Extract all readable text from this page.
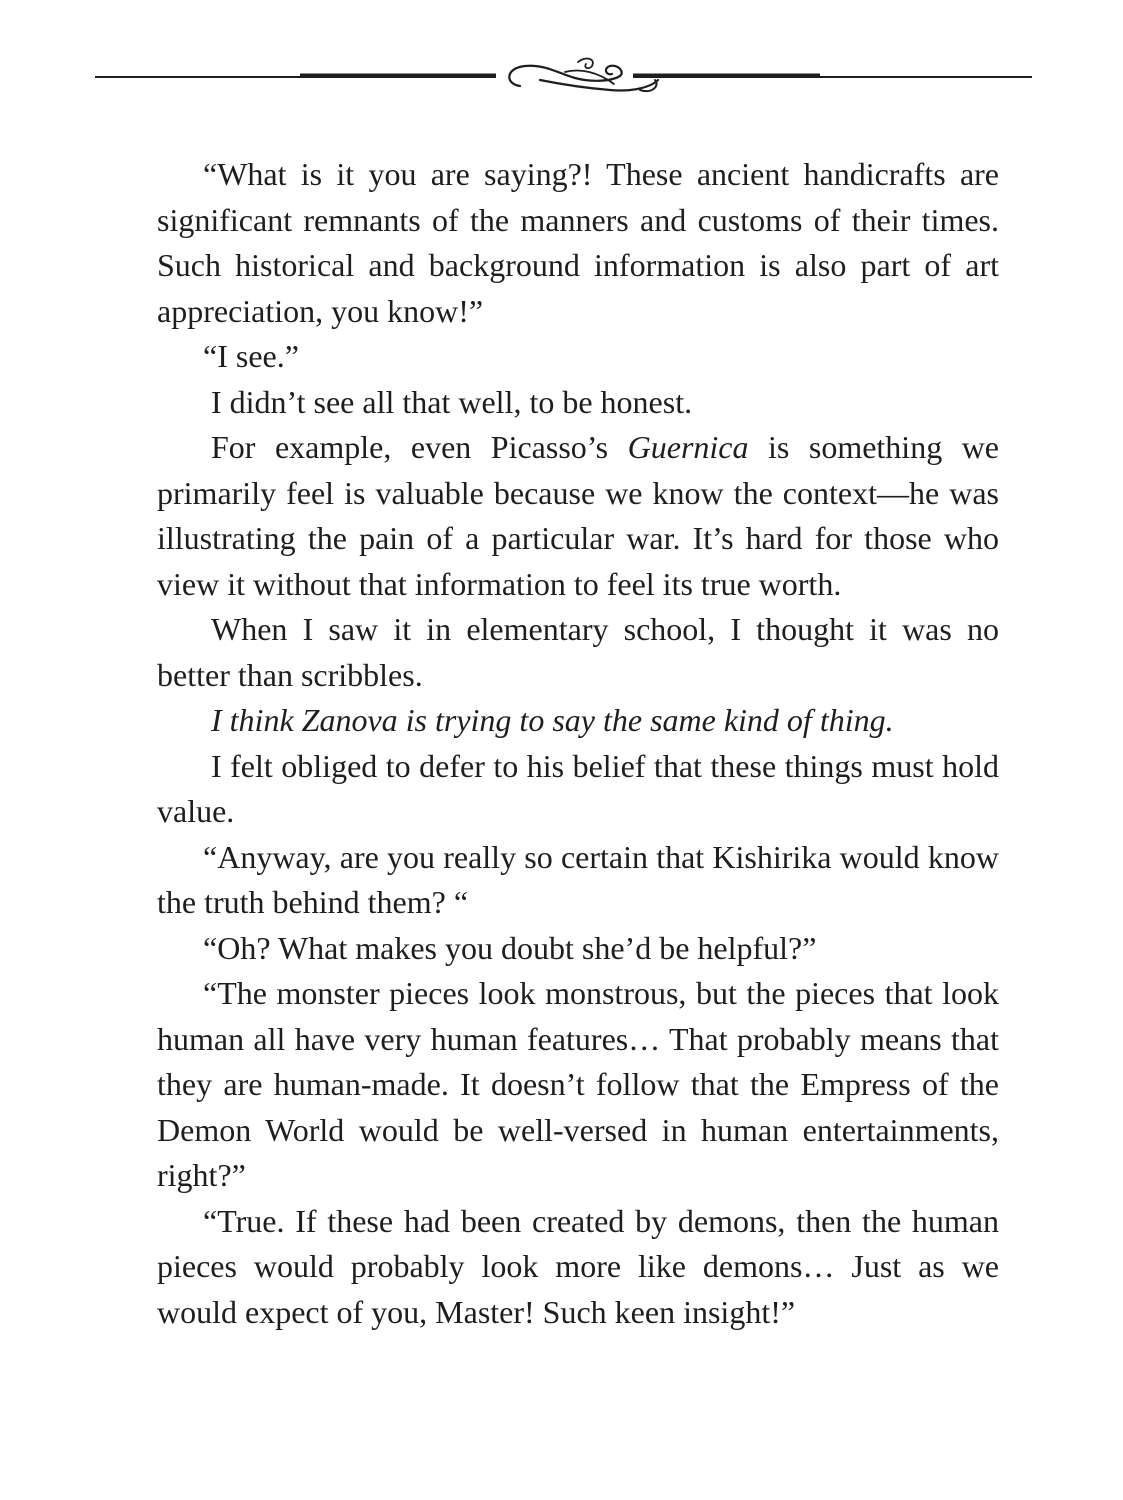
“What is it you are saying?! These ancient handicrafts are significant remnants of the manners and customs of their times. Such historical and background information is also part of art appreciation, you know!”

“I see.”

I didn’t see all that well, to be honest.

For example, even Picasso’s Guernica is something we primarily feel is valuable because we know the context—he was illustrating the pain of a particular war. It’s hard for those who view it without that information to feel its true worth.

When I saw it in elementary school, I thought it was no better than scribbles.

I think Zanova is trying to say the same kind of thing.

I felt obliged to defer to his belief that these things must hold value.

“Anyway, are you really so certain that Kishirika would know the truth behind them? “

“Oh? What makes you doubt she’d be helpful?”

“The monster pieces look monstrous, but the pieces that look human all have very human features… That probably means that they are human-made. It doesn’t follow that the Empress of the Demon World would be well-versed in human entertainments, right?”

“True. If these had been created by demons, then the human pieces would probably look more like demons… Just as we would expect of you, Master! Such keen insight!”
